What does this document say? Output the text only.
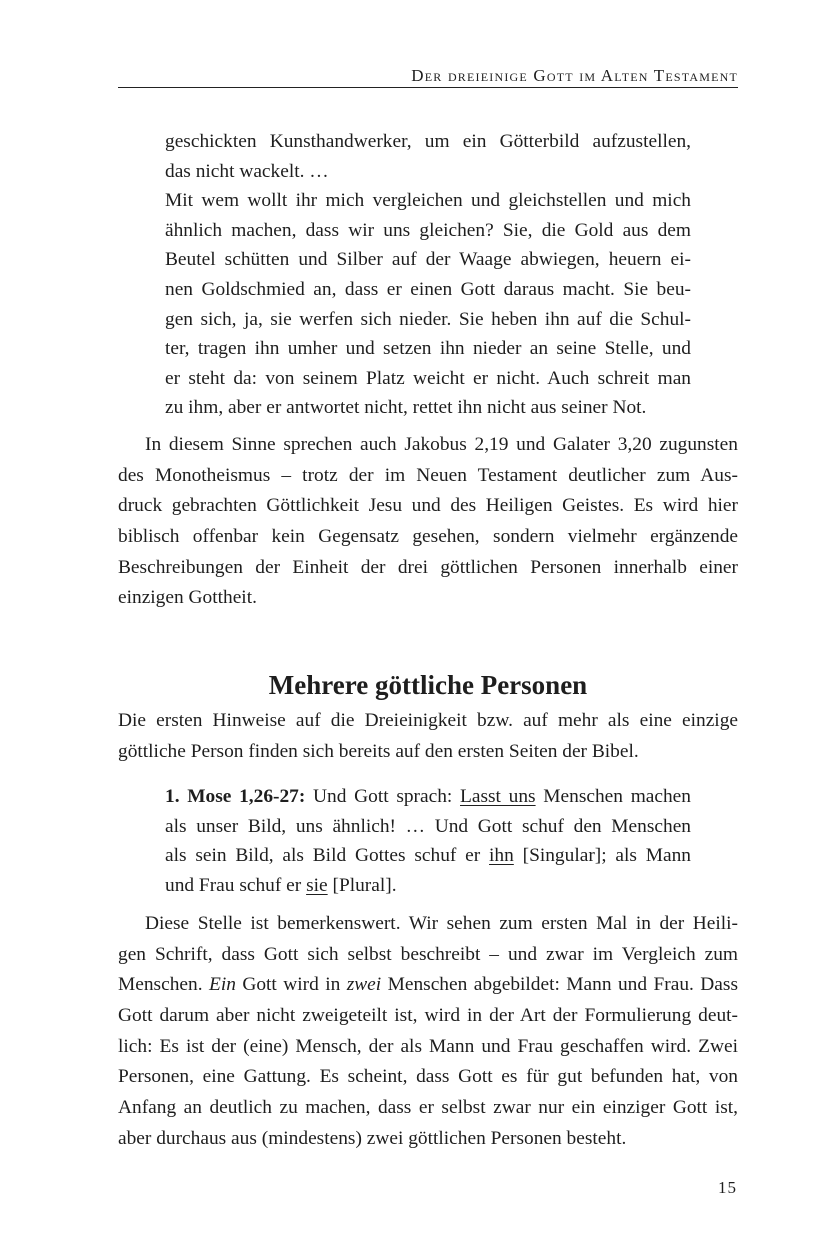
Der dreieinige Gott im Alten Testament
geschickten Kunsthandwerker, um ein Götterbild aufzustellen,
das nicht wackelt. …
Mit wem wollt ihr mich vergleichen und gleichstellen und mich
ähnlich machen, dass wir uns gleichen? Sie, die Gold aus dem
Beutel schütten und Silber auf der Waage abwiegen, heuern ei-
nen Goldschmied an, dass er einen Gott daraus macht. Sie beu-
gen sich, ja, sie werfen sich nieder. Sie heben ihn auf die Schul-
ter, tragen ihn umher und setzen ihn nieder an seine Stelle, und
er steht da: von seinem Platz weicht er nicht. Auch schreit man
zu ihm, aber er antwortet nicht, rettet ihn nicht aus seiner Not.
In diesem Sinne sprechen auch Jakobus 2,19 und Galater 3,20 zugunsten
des Monotheismus – trotz der im Neuen Testament deutlicher zum Aus-
druck gebrachten Göttlichkeit Jesu und des Heiligen Geistes. Es wird hier
biblisch offenbar kein Gegensatz gesehen, sondern vielmehr ergänzende
Beschreibungen der Einheit der drei göttlichen Personen innerhalb einer
einzigen Gottheit.
Mehrere göttliche Personen
Die ersten Hinweise auf die Dreieinigkeit bzw. auf mehr als eine einzige
göttliche Person finden sich bereits auf den ersten Seiten der Bibel.
1. Mose 1,26-27: Und Gott sprach: Lasst uns Menschen machen
als unser Bild, uns ähnlich! … Und Gott schuf den Menschen
als sein Bild, als Bild Gottes schuf er ihn [Singular]; als Mann
und Frau schuf er sie [Plural].
Diese Stelle ist bemerkenswert. Wir sehen zum ersten Mal in der Heili-
gen Schrift, dass Gott sich selbst beschreibt – und zwar im Vergleich zum
Menschen. Ein Gott wird in zwei Menschen abgebildet: Mann und Frau. Dass
Gott darum aber nicht zweigeteilt ist, wird in der Art der Formulierung deut-
lich: Es ist der (eine) Mensch, der als Mann und Frau geschaffen wird. Zwei
Personen, eine Gattung. Es scheint, dass Gott es für gut befunden hat, von
Anfang an deutlich zu machen, dass er selbst zwar nur ein einziger Gott ist,
aber durchaus aus (mindestens) zwei göttlichen Personen besteht.
15
